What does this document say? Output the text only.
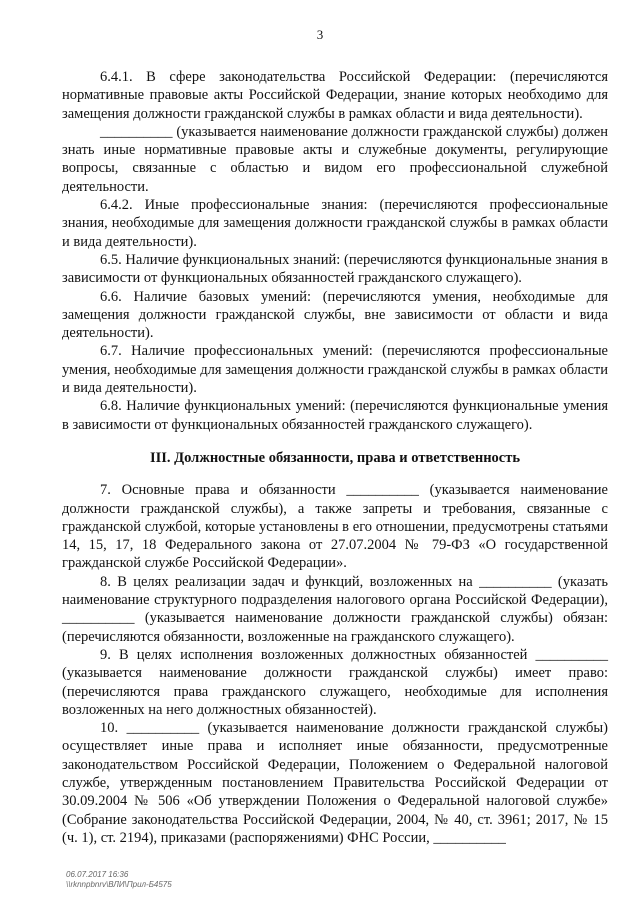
3

6.4.1. В сфере законодательства Российской Федерации: (перечисляются нормативные правовые акты Российской Федерации, знание которых необходимо для замещения должности гражданской службы в рамках области и вида деятельности).

__________ (указывается наименование должности гражданской службы) должен знать иные нормативные правовые акты и служебные документы, регулирующие вопросы, связанные с областью и видом его профессиональной служебной деятельности.

6.4.2. Иные профессиональные знания: (перечисляются профессиональные знания, необходимые для замещения должности гражданской службы в рамках области и вида деятельности).

6.5. Наличие функциональных знаний: (перечисляются функциональные знания в зависимости от функциональных обязанностей гражданского служащего).

6.6. Наличие базовых умений: (перечисляются умения, необходимые для замещения должности гражданской службы, вне зависимости от области и вида деятельности).

6.7. Наличие профессиональных умений: (перечисляются профессиональные умения, необходимые для замещения должности гражданской службы в рамках области и вида деятельности).

6.8. Наличие функциональных умений: (перечисляются функциональные умения в зависимости от функциональных обязанностей гражданского служащего).

III. Должностные обязанности, права и ответственность

7. Основные права и обязанности __________ (указывается наименование должности гражданской службы), а также запреты и требования, связанные с гражданской службой, которые установлены в его отношении, предусмотрены статьями 14, 15, 17, 18 Федерального закона от 27.07.2004 № 79-ФЗ «О государственной гражданской службе Российской Федерации».

8. В целях реализации задач и функций, возложенных на __________ (указать наименование структурного подразделения налогового органа Российской Федерации), __________ (указывается наименование должности гражданской службы) обязан: (перечисляются обязанности, возложенные на гражданского служащего).

9. В целях исполнения возложенных должностных обязанностей __________ (указывается наименование должности гражданской службы) имеет право: (перечисляются права гражданского служащего, необходимые для исполнения возложенных на него должностных обязанностей).

10. __________ (указывается наименование должности гражданской службы) осуществляет иные права и исполняет иные обязанности, предусмотренные законодательством Российской Федерации, Положением о Федеральной налоговой службе, утвержденным постановлением Правительства Российской Федерации от 30.09.2004 № 506 «Об утверждении Положения о Федеральной налоговой службе» (Собрание законодательства Российской Федерации, 2004, № 40, ст. 3961; 2017, № 15 (ч. 1), ст. 2194), приказами (распоряжениями) ФНС России, __________

06.07.2017 16:36
\\rknnpbnrv\ВЛИ\Прил-Б4575
